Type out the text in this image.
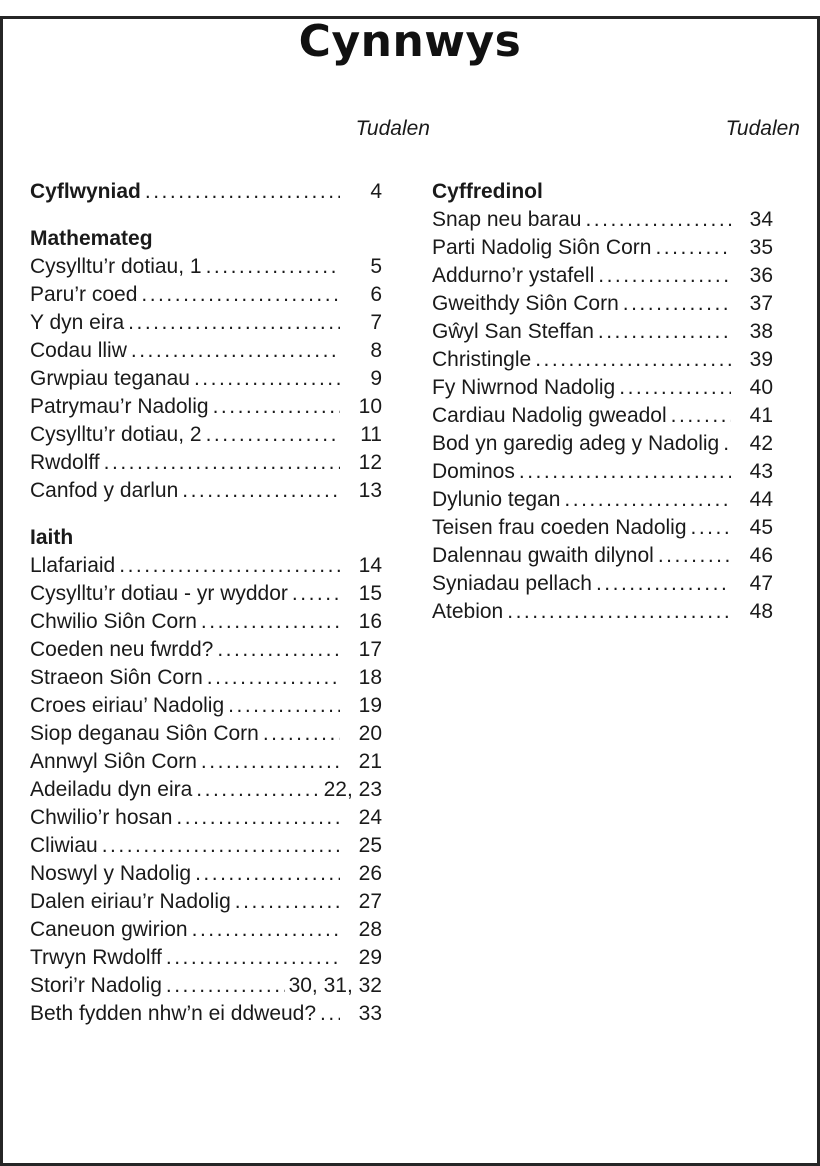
Cynnwys
Tudalen
Cyflwyniad .....	4
Mathemateg
Cysylltu’r dotiau, 1 .....	5
Paru’r coed .....	6
Y dyn eira .....	7
Codau lliw .....	8
Grwpiau teganau .....	9
Patrymau’r Nadolig .....	10
Cysylltu’r dotiau, 2 .....	11
Rwdolff .....	12
Canfod y darlun .....	13
Iaith
Llafariaid .....	14
Cysylltu’r dotiau - yr wyddor .....	15
Chwilio Siôn Corn .....	16
Coeden neu fwrdd? .....	17
Straeon Siôn Corn .....	18
Croes eiriau’ Nadolig .....	19
Siop deganau Siôn Corn .....	20
Annwyl Siôn Corn .....	21
Adeiladu dyn eira .....	22, 23
Chwilio’r hosan .....	24
Cliwiau .....	25
Noswyl y Nadolig .....	26
Dalen eiriau’r Nadolig .....	27
Caneuon gwirion .....	28
Trwyn Rwdolff .....	29
Stori’r Nadolig .....	30, 31, 32
Beth fydden nhw’n ei ddweud? .....	33
Tudalen
Cyffredinol
Snap neu barau .....	34
Parti Nadolig Siôn Corn .....	35
Addurno’r ystafell .....	36
Gweithdy Siôn Corn .....	37
Gŵyl San Steffan .....	38
Christingle .....	39
Fy Niwrnod Nadolig .....	40
Cardiau Nadolig gweadol .....	41
Bod yn garedig adeg y Nadolig .....	42
Dominos .....	43
Dylunio tegan .....	44
Teisen frau coeden Nadolig .....	45
Dalennau gwaith dilynol .....	46
Syniadau pellach .....	47
Atebion .....	48
